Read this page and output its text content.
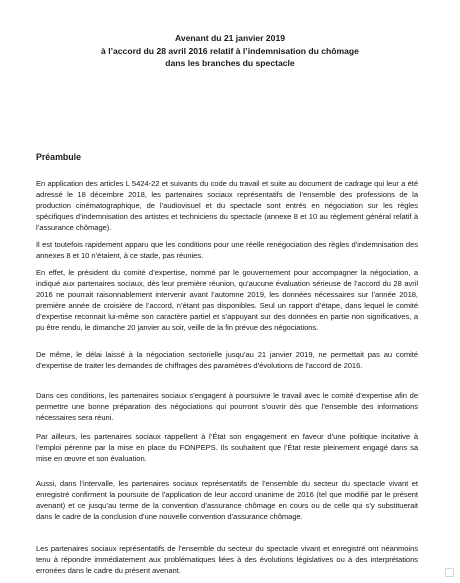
Avenant du 21 janvier 2019
à l’accord du 28 avril 2016 relatif à l’indemnisation du chômage
dans les branches du spectacle
Préambule

En application des articles L 5424-22 et suivants du code du travail et suite au document de cadrage qui leur a été adressé le 18 décembre 2018, les partenaires sociaux représentatifs de l’ensemble des professions de la production cinématographique, de l’audiovisuel et du spectacle sont entrés en négociation sur les règles spécifiques d’indemnisation des artistes et techniciens du spectacle (annexe 8 et 10 au règlement général relatif à l’assurance chômage).

Il est toutefois rapidement apparu que les conditions pour une réelle renégociation des règles d’indemnisation des annexes 8 et 10 n’étaient, à ce stade, pas réunies.

En effet, le président du comité d’expertise, nommé par le gouvernement pour accompagner la négociation, a indiqué aux partenaires sociaux, dès leur première réunion, qu’aucune évaluation sérieuse de l’accord du 28 avril 2016 ne pourrait raisonnablement intervenir avant l’automne 2019, les données nécessaires sur l’année 2018, première année de croisière de l’accord, n’étant pas disponibles. Seul un rapport d’étape, dans lequel le comité d’expertise reconnait lui-même son caractère partiel et s’appuyant sur des données en partie non significatives, a pu être rendu, le dimanche 20 janvier au soir, veille de la fin prévue des négociations.

De même, le délai laissé à la négociation sectorielle jusqu’au 21 janvier 2019, ne permettait pas au comité d’expertise de traiter les demandes de chiffrages des paramètres d’évolutions de l’accord de 2016.

Dans ces conditions, les partenaires sociaux s’engagent à poursuivre le travail avec le comité d’expertise afin de permettre une bonne préparation des négociations qui pourront s’ouvrir dès que l’ensemble des informations nécessaires sera réuni.

Par ailleurs, les partenaires sociaux rappellent à l’État son engagement en faveur d’une politique incitative à l’emploi pérenne par la mise en place du FONPEPS. Ils souhaitent que l’État reste pleinement engagé dans sa mise en œuvre et son évaluation.

Aussi, dans l’intervalle, les partenaires sociaux représentatifs de l’ensemble du secteur du spectacle vivant et enregistré confirment la poursuite de l’application de leur accord unanime de 2016 (tel que modifié par le présent avenant) et ce jusqu’au terme de la convention d’assurance chômage en cours ou de celle qui s’y substituerait dans le cadre de la conclusion d’une nouvelle convention d’assurance chômage.

Les partenaires sociaux représentatifs de l’ensemble du secteur du spectacle vivant et enregistré ont néanmoins tenu à répondre immédiatement aux problématiques liées à des évolutions législatives ou à des interprétations erronées dans le cadre du présent avenant.
